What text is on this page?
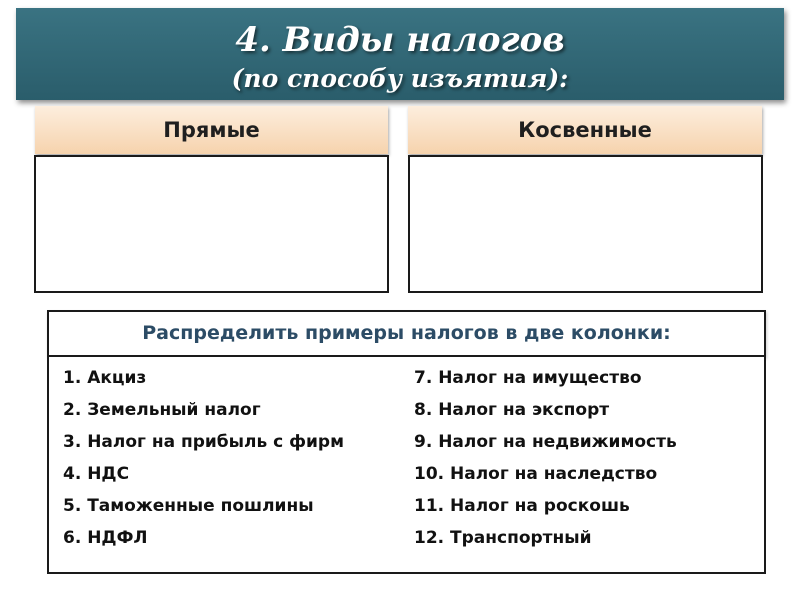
4. Виды налогов
(по способу изъятия):
Прямые	Косвенные
Распределить примеры налогов в две колонки:
1. Акциз
2. Земельный налог
3. Налог на прибыль с фирм
4. НДС
5. Таможенные пошлины
6. НДФЛ
7. Налог на имущество
8. Налог на экспорт
9. Налог на недвижимость
10. Налог на наследство
11. Налог на роскошь
12. Транспортный
